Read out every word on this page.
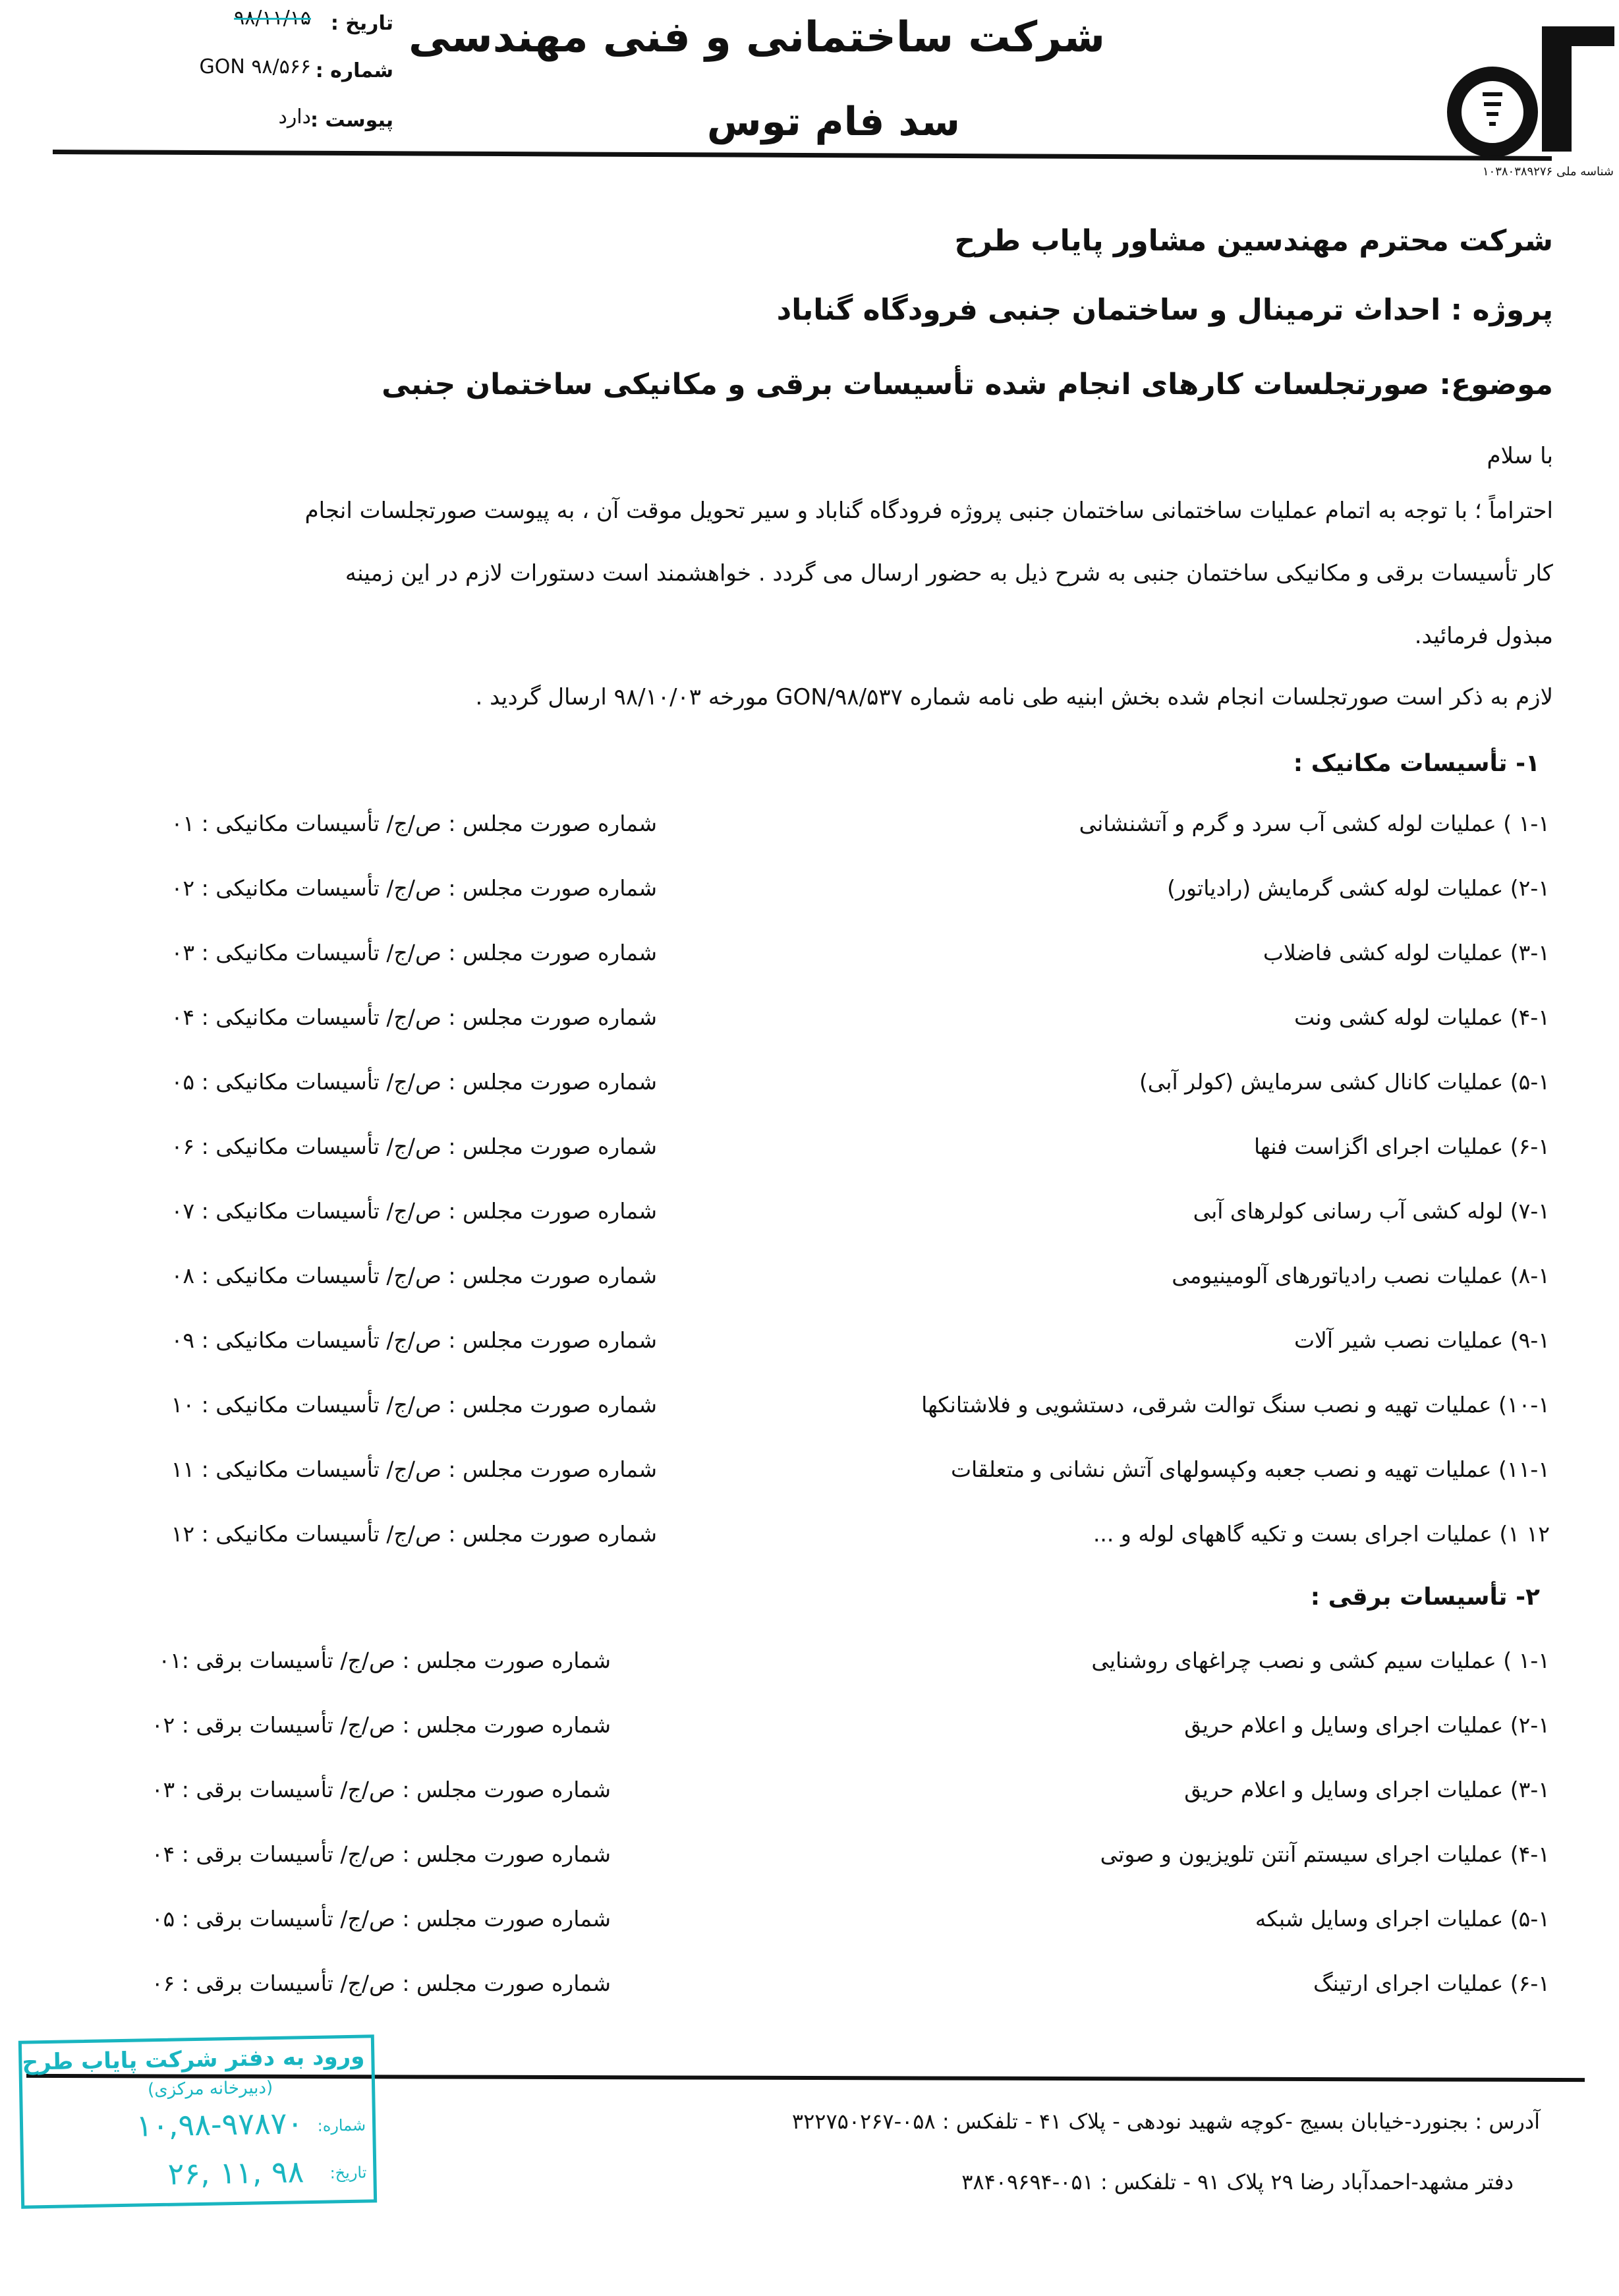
شناسه ملی ۱۰۳۸۰۳۸۹۲۷۶
شرکت ساختمانی و فنی مهندسی
سد فام توس
تاریخ :
۹۸/۱۱/۱۵
شماره :
GON ۹۸/۵۶۶
پیوست :
دارد
شرکت محترم مهندسین مشاور پایاب طرح
پروژه : احداث ترمینال و ساختمان جنبی فرودگاه گناباد
موضوع: صورتجلسات کارهای انجام شده تأسیسات برقی و مکانیکی ساختمان جنبی
با سلام
احتراماً ؛ با توجه به اتمام عملیات ساختمانی ساختمان جنبی پروژه فرودگاه گناباد و سیر تحویل موقت آن ، به پیوست صورتجلسات انجام
کار تأسیسات برقی و مکانیکی ساختمان جنبی به شرح ذیل به حضور ارسال می گردد . خواهشمند است دستورات لازم در این زمینه
مبذول فرمائید.
لازم به ذکر است صورتجلسات انجام شده بخش ابنیه طی نامه شماره GON/۹۸/۵۳۷ مورخه ۹۸/۱۰/۰۳ ارسال گردید .
۱- تأسیسات مکانیک :
۱-۱ ) عملیات لوله کشی آب سرد و گرم و آتشنشانی
شماره صورت مجلس : ص/ج/ تأسیسات مکانیکی : ۰۱
۲-۱) عملیات لوله کشی گرمایش (رادیاتور)
شماره صورت مجلس : ص/ج/ تأسیسات مکانیکی : ۰۲
۳-۱) عملیات لوله کشی فاضلاب
شماره صورت مجلس : ص/ج/ تأسیسات مکانیکی : ۰۳
۴-۱) عملیات لوله کشی ونت
شماره صورت مجلس : ص/ج/ تأسیسات مکانیکی : ۰۴
۵-۱) عملیات کانال کشی سرمایش (کولر آبی)
شماره صورت مجلس : ص/ج/ تأسیسات مکانیکی : ۰۵
۶-۱) عملیات اجرای اگزاست فنها
شماره صورت مجلس : ص/ج/ تأسیسات مکانیکی : ۰۶
۷-۱) لوله کشی آب رسانی کولرهای آبی
شماره صورت مجلس : ص/ج/ تأسیسات مکانیکی : ۰۷
۸-۱) عملیات نصب رادیاتورهای آلومینیومی
شماره صورت مجلس : ص/ج/ تأسیسات مکانیکی : ۰۸
۹-۱) عملیات نصب شیر آلات
شماره صورت مجلس : ص/ج/ تأسیسات مکانیکی : ۰۹
۱۰-۱) عملیات تهیه و نصب سنگ توالت شرقی، دستشویی و فلاشتانکها
شماره صورت مجلس : ص/ج/ تأسیسات مکانیکی : ۱۰
۱۱-۱) عملیات تهیه و نصب جعبه وکپسولهای آتش نشانی و متعلقات
شماره صورت مجلس : ص/ج/ تأسیسات مکانیکی : ۱۱
۱۲ ۱) عملیات اجرای بست و تکیه گاههای لوله و ...
شماره صورت مجلس : ص/ج/ تأسیسات مکانیکی : ۱۲
۲- تأسیسات برقی :
۱-۱ ) عملیات سیم کشی و نصب چراغهای روشنایی
شماره صورت مجلس : ص/ج/ تأسیسات برقی :۰۱
۲-۱) عملیات اجرای وسایل و اعلام حریق
شماره صورت مجلس : ص/ج/ تأسیسات برقی : ۰۲
۳-۱) عملیات اجرای وسایل و اعلام حریق
شماره صورت مجلس : ص/ج/ تأسیسات برقی : ۰۳
۴-۱) عملیات اجرای سیستم آنتن تلویزیون و صوتی
شماره صورت مجلس : ص/ج/ تأسیسات برقی : ۰۴
۵-۱) عملیات اجرای وسایل شبکه
شماره صورت مجلس : ص/ج/ تأسیسات برقی : ۰۵
۶-۱) عملیات اجرای ارتینگ
شماره صورت مجلس : ص/ج/ تأسیسات برقی : ۰۶
آدرس : بجنورد-خیابان بسیج -کوچه شهید نودهی - پلاک ۴۱ - تلفکس : ۰۵۸-۳۲۲۷۵۰۲۶۷
دفتر مشهد-احمدآباد رضا ۲۹ پلاک ۹۱ - تلفکس : ۰۵۱-۳۸۴۰۹۶۹۴
ورود به دفتر شرکت پایاب طرح
(دبیرخانه مرکزی)
شماره:
۱۰,۹۸-۹۷۸۷۰
تاریخ:
۹۸ ,۱۱ ,۲۶
